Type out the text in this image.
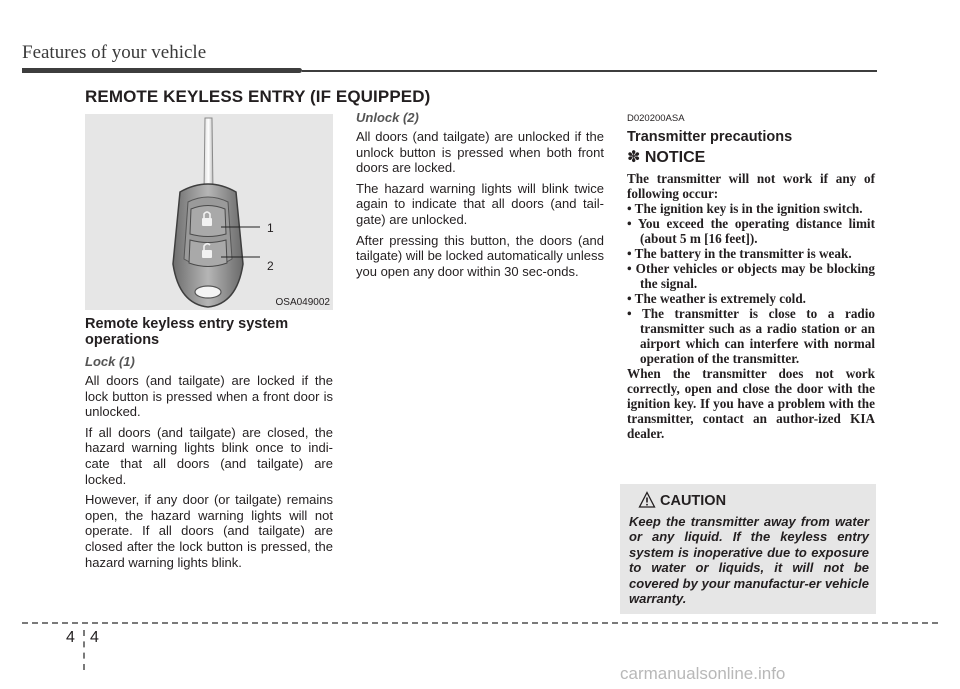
Features of your vehicle
REMOTE KEYLESS ENTRY (IF EQUIPPED)
1
2
OSA049002
Remote keyless entry system operations
Lock (1)

All doors (and tailgate) are locked if the lock button is pressed when a front door is unlocked.

If all doors (and tailgate) are closed, the hazard warning lights blink once to indi-cate that all doors (and tailgate) are locked.

However, if any door (or tailgate) remains open, the hazard warning lights will not operate. If all doors (and tailgate) are closed after the lock button is pressed, the hazard warning lights blink.

Unlock (2)

All doors (and tailgate) are unlocked if the unlock button is pressed when both front doors are locked.

The hazard warning lights will blink twice again to indicate that all doors (and tail-gate) are unlocked.

After pressing this button, the doors (and tailgate) will be locked automatically unless you open any door within 30 sec-onds.

D020200ASA
Transmitter precautions
✽ NOTICE

The transmitter will not work if any of following occur:

• The ignition key is in the ignition switch.
• You exceed the operating distance limit (about 5 m [16 feet]).
• The battery in the transmitter is weak.
• Other vehicles or objects may be blocking the signal.
• The weather is extremely cold.
• The transmitter is close to a radio transmitter such as a radio station or an airport which can interfere with normal operation of the transmitter.

When the transmitter does not work correctly, open and close the door with the ignition key. If you have a problem with the transmitter, contact an author-ized KIA dealer.

CAUTION
Keep the transmitter away from water or any liquid. If the keyless entry system is inoperative due to exposure to water or liquids, it will not be covered by your manufactur-er vehicle warranty.
4 4
carmanualsonline.info
